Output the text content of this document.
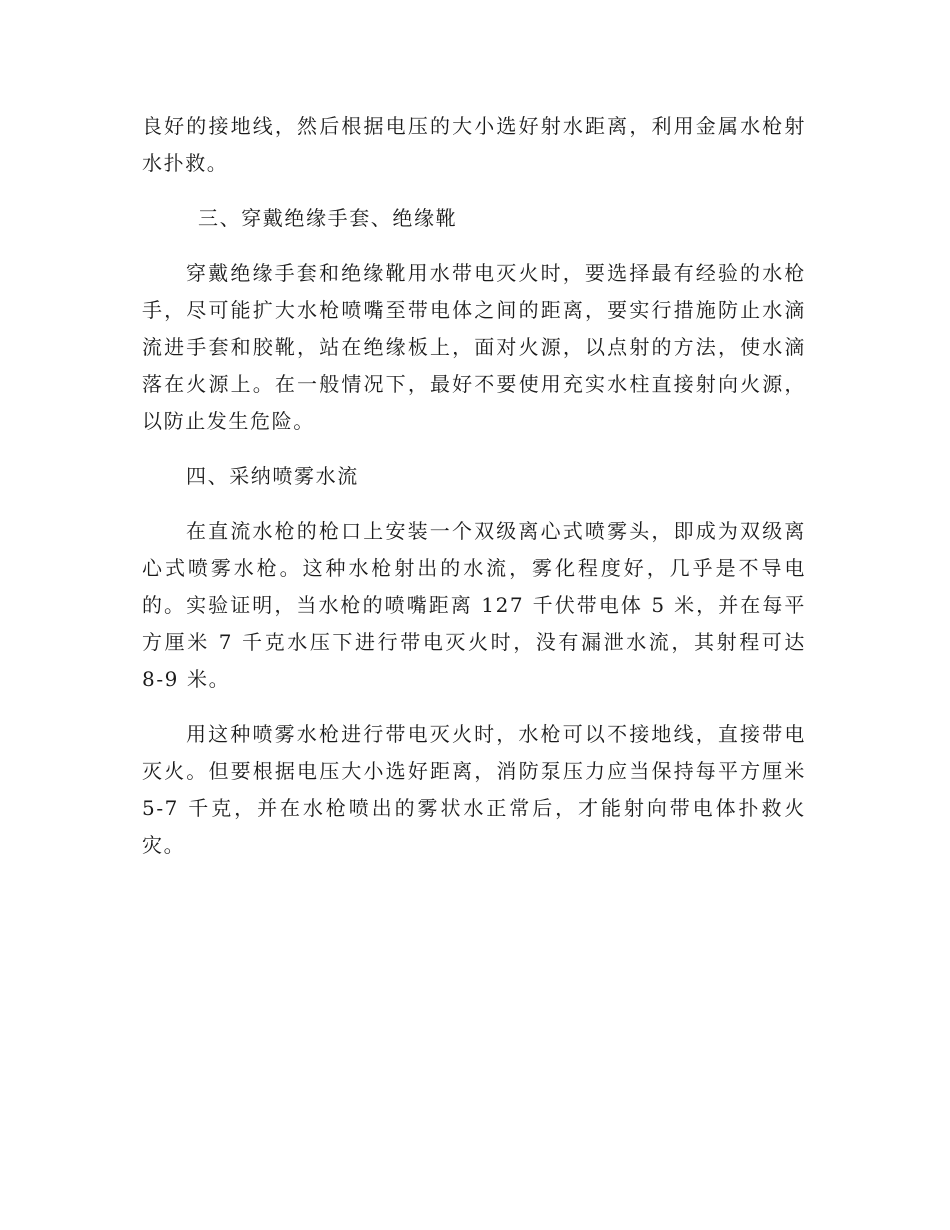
良好的接地线，然后根据电压的大小选好射水距离，利用金属水枪射水扑救。

三、穿戴绝缘手套、绝缘靴

穿戴绝缘手套和绝缘靴用水带电灭火时，要选择最有经验的水枪手，尽可能扩大水枪喷嘴至带电体之间的距离，要实行措施防止水滴流进手套和胶靴，站在绝缘板上，面对火源，以点射的方法，使水滴落在火源上。在一般情况下，最好不要使用充实水柱直接射向火源，以防止发生危险。

四、采纳喷雾水流

在直流水枪的枪口上安装一个双级离心式喷雾头，即成为双级离心式喷雾水枪。这种水枪射出的水流，雾化程度好，几乎是不导电的。实验证明，当水枪的喷嘴距离 127 千伏带电体 5 米，并在每平方厘米 7 千克水压下进行带电灭火时，没有漏泄水流，其射程可达 8-9 米。

用这种喷雾水枪进行带电灭火时，水枪可以不接地线，直接带电灭火。但要根据电压大小选好距离，消防泵压力应当保持每平方厘米 5-7 千克，并在水枪喷出的雾状水正常后，才能射向带电体扑救火灾。
